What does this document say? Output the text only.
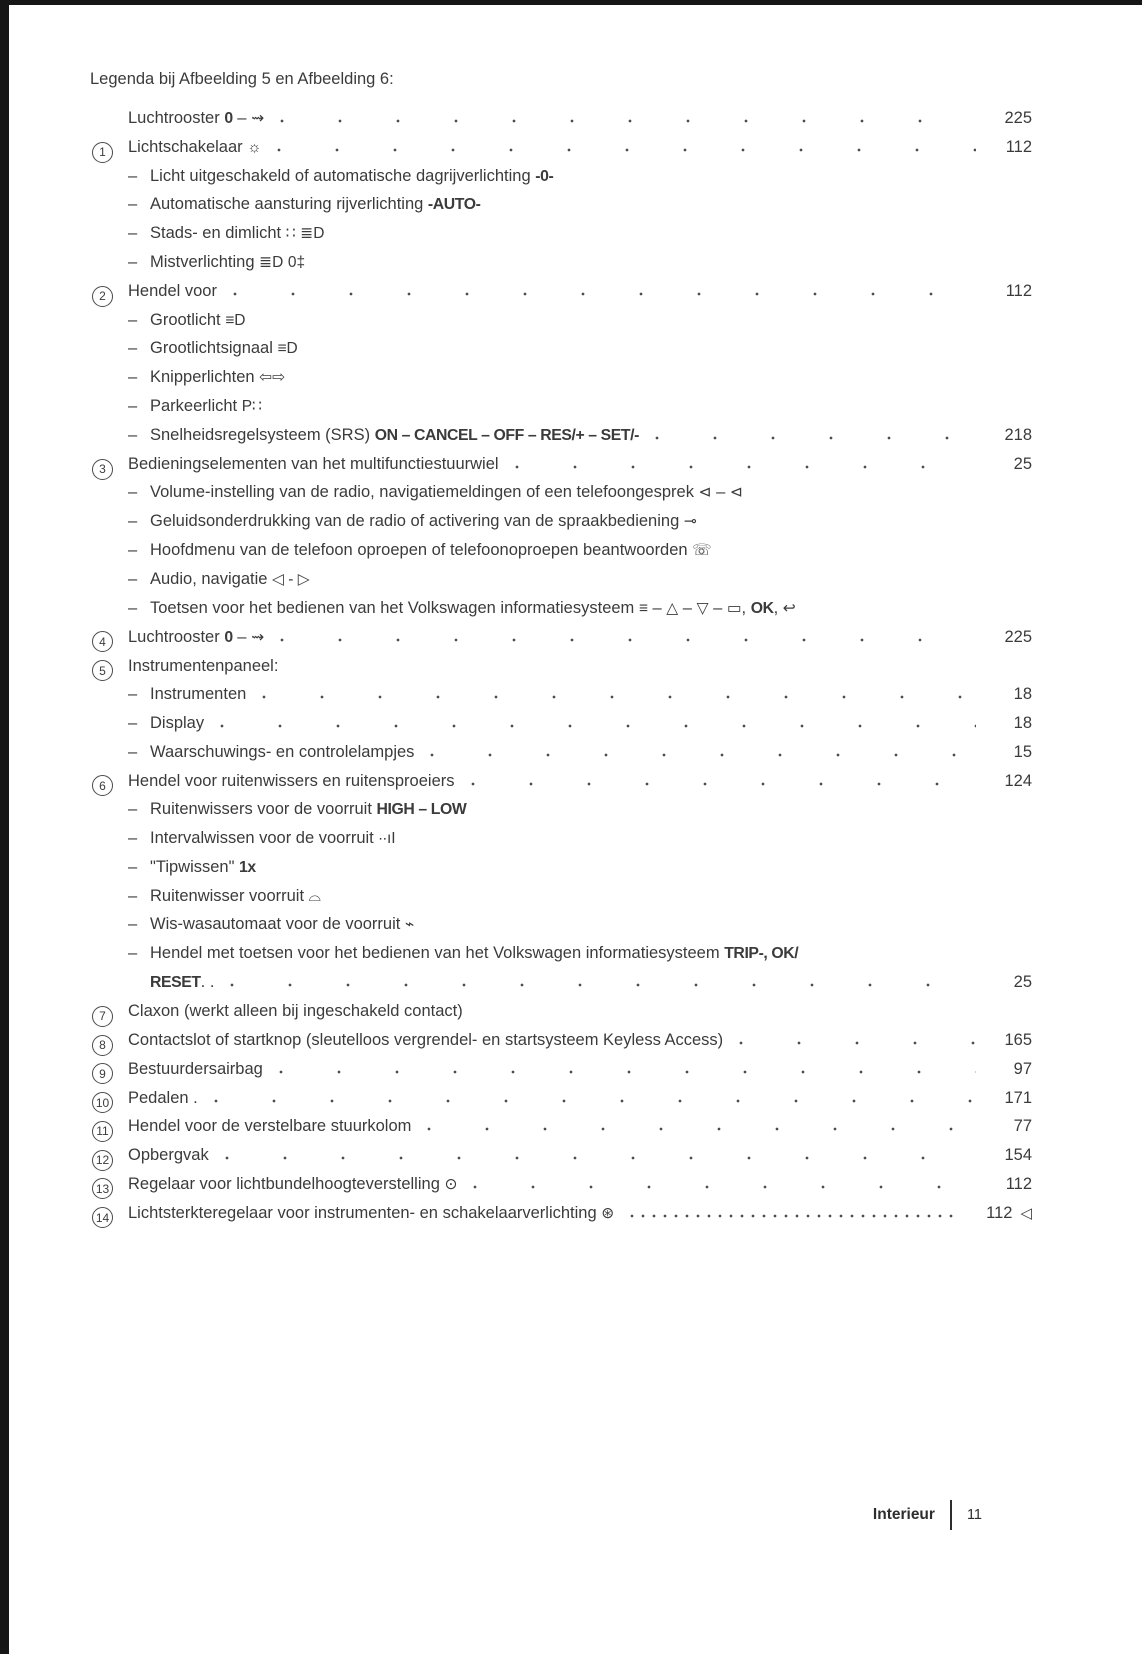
Legenda bij Afbeelding 5 en Afbeelding 6:
Luchtrooster 0 – ⇝	225
1	Lichtschakelaar ☼	112
– Licht uitgeschakeld of automatische dagrijverlichting -0-
– Automatische aansturing rijverlichting -AUTO-
– Stads- en dimlicht ∷ ≣D
– Mistverlichting ≣D 0‡
2	Hendel voor	112
– Grootlicht ≡D
– Grootlichtsignaal ≡D
– Knipperlichten ⇦⇨
– Parkeerlicht P∷
– Snelheidsregelsysteem (SRS) ON – CANCEL – OFF – RES/+ – SET/-	218
3	Bedieningselementen van het multifunctiestuurwiel	25
– Volume-instelling van de radio, navigatiemeldingen of een telefoongesprek ⊲ – ⊲
– Geluidsonderdrukking van de radio of activering van de spraakbediening ⊸
– Hoofdmenu van de telefoon oproepen of telefoonoproepen beantwoorden ☏
– Audio, navigatie ◁ - ▷
– Toetsen voor het bedienen van het Volkswagen informatiesysteem ≡ – △ – ▽ – ▭, OK, ↩
4	Luchtrooster 0 – ⇝	225
5	Instrumentenpaneel:
– Instrumenten	18
– Display	18
– Waarschuwings- en controlelampjes	15
6	Hendel voor ruitenwissers en ruitensproeiers	124
– Ruitenwissers voor de voorruit HIGH – LOW
– Intervalwissen voor de voorruit ∙∙ıI
– "Tipwissen" 1x
– Ruitenwisser voorruit ⌓
– Wis-wasautomaat voor de voorruit ⌁
– Hendel met toetsen voor het bedienen van het Volkswagen informatiesysteem TRIP-, OK/
RESET. .	25
7	Claxon (werkt alleen bij ingeschakeld contact)
8	Contactslot of startknop (sleutelloos vergrendel- en startsysteem Keyless Access)	165
9	Bestuurdersairbag	97
10	Pedalen .	171
11	Hendel voor de verstelbare stuurkolom	77
12	Opbergvak	154
13	Regelaar voor lichtbundelhoogteverstelling ⊙	112
14	Lichtsterkteregelaar voor instrumenten- en schakelaarverlichting ⊛	112 ◁
Interieur 11
